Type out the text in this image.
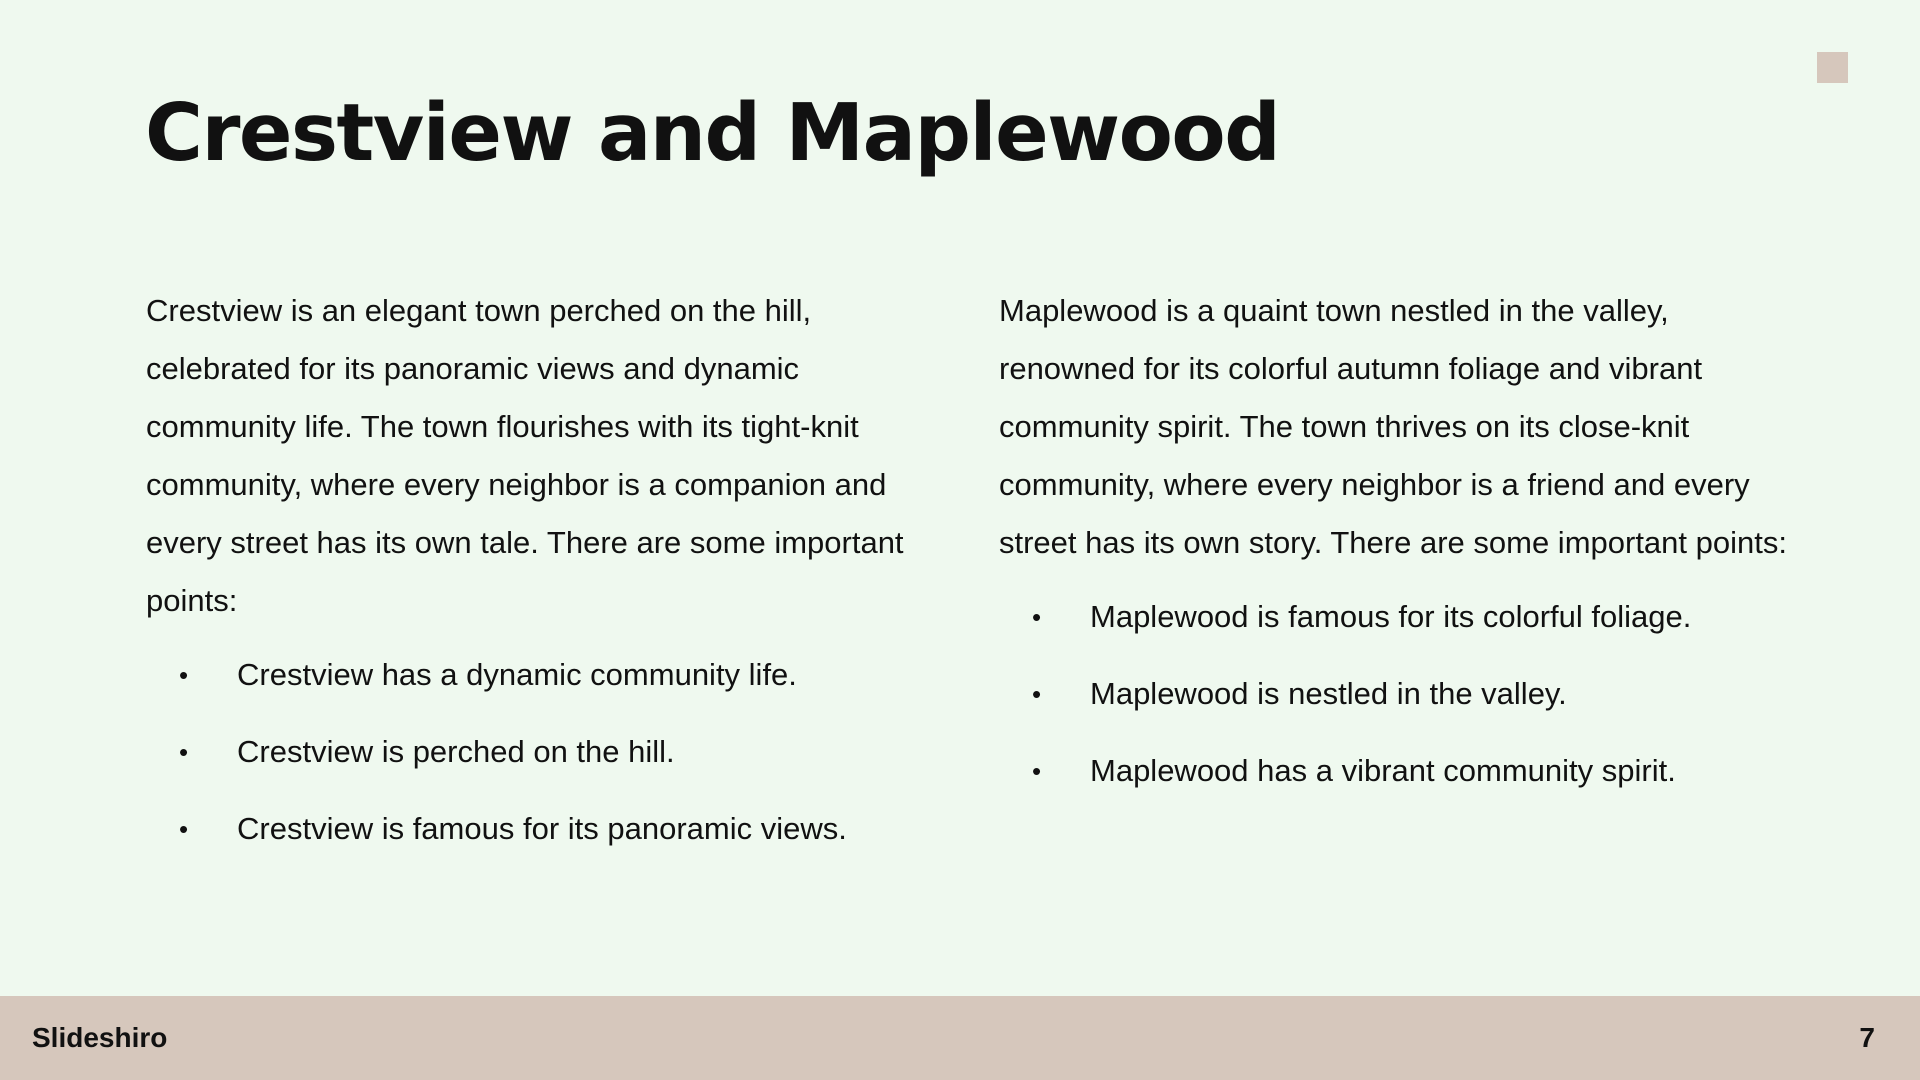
Crestview and Maplewood

Crestview is an elegant town perched on the hill, celebrated for its panoramic views and dynamic community life. The town flourishes with its tight-knit community, where every neighbor is a companion and every street has its own tale. There are some important points:

• Crestview has a dynamic community life.
• Crestview is perched on the hill.
• Crestview is famous for its panoramic views.

Maplewood is a quaint town nestled in the valley, renowned for its colorful autumn foliage and vibrant community spirit. The town thrives on its close-knit community, where every neighbor is a friend and every street has its own story. There are some important points:

• Maplewood is famous for its colorful foliage.
• Maplewood is nestled in the valley.
• Maplewood has a vibrant community spirit.
Slideshiro	7
